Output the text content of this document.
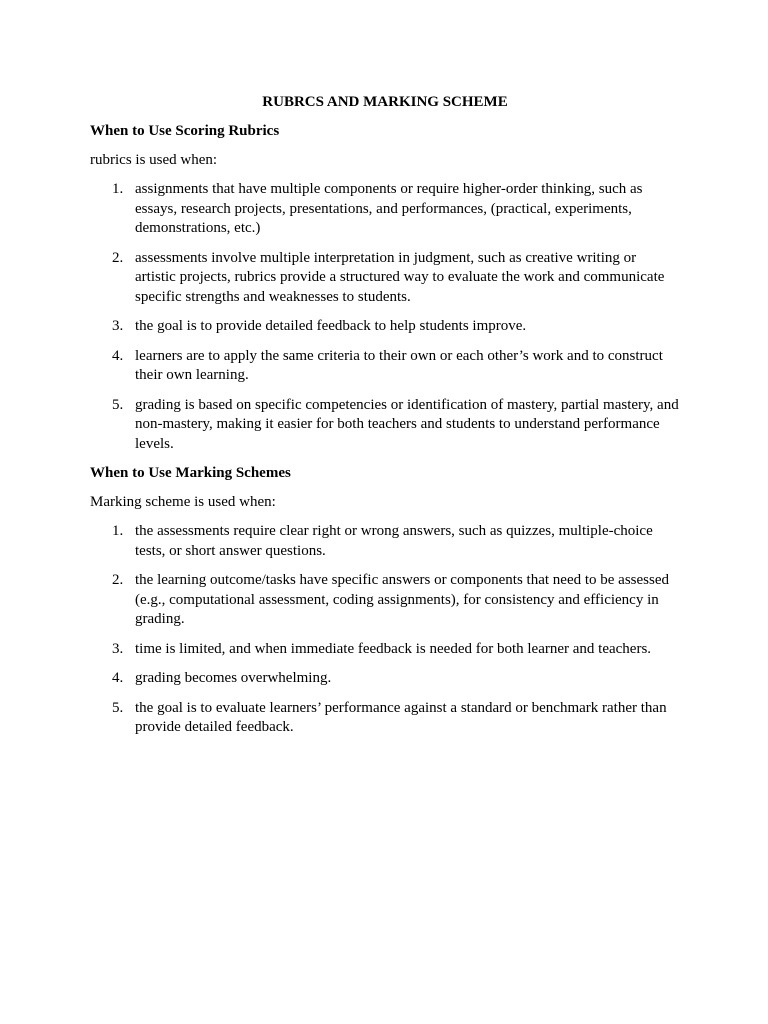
RUBRCS AND MARKING SCHEME
When to Use Scoring Rubrics
rubrics is used when:
1. assignments that have multiple components or require higher-order thinking, such as essays, research projects, presentations, and performances, (practical, experiments, demonstrations, etc.)
2. assessments involve multiple interpretation in judgment, such as creative writing or artistic projects, rubrics provide a structured way to evaluate the work and communicate specific strengths and weaknesses to students.
3. the goal is to provide detailed feedback to help students improve.
4. learners are to apply the same criteria to their own or each other’s work and to construct their own learning.
5. grading is based on specific competencies or identification of mastery, partial mastery, and non-mastery, making it easier for both teachers and students to understand performance levels.
When to Use Marking Schemes
Marking scheme is used when:
1. the assessments require clear right or wrong answers, such as quizzes, multiple-choice tests, or short answer questions.
2. the learning outcome/tasks have specific answers or components that need to be assessed (e.g., computational assessment, coding assignments), for consistency and efficiency in grading.
3. time is limited, and when immediate feedback is needed for both learner and teachers.
4. grading becomes overwhelming.
5. the goal is to evaluate learners’ performance against a standard or benchmark rather than provide detailed feedback.
